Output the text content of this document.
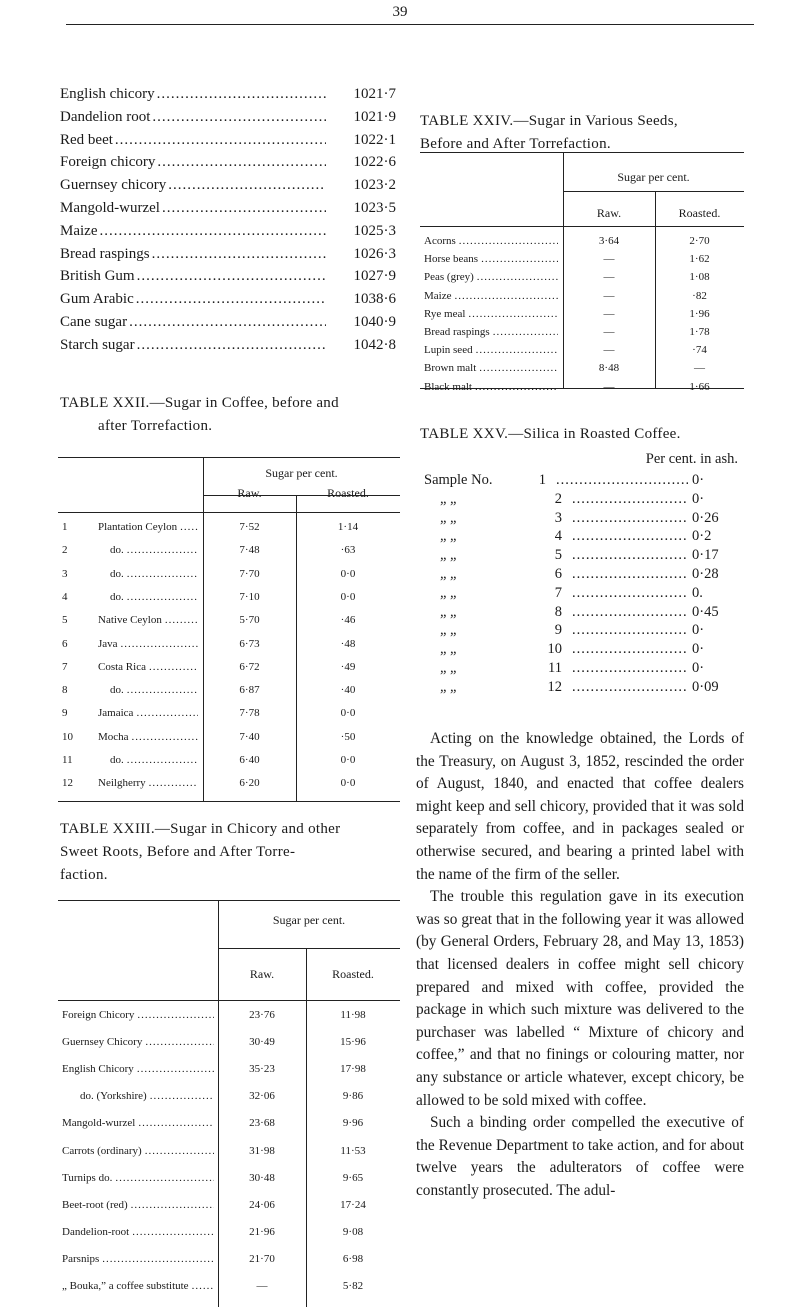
39
English chicory .....	1021·7
Dandelion root .....	1021·9
Red beet .....	1022·1
Foreign chicory .....	1022·6
Guernsey chicory .....	1023·2
Mangold-wurzel .....	1023·5
Maize .....	1025·3
Bread raspings .....	1026·3
British Gum .....	1027·9
Gum Arabic .....	1038·6
Cane sugar .....	1040·9
Starch sugar .....	1042·8
TABLE XXII.—Sugar in Coffee, before and
after Torrefaction.
Sugar per cent.
Raw.	Roasted.
1	Plantation Ceylon .....	7·52	1·14
2	do. .....	7·48	·63
3	do. .....	7·70	0·0
4	do. .....	7·10	0·0
5	Native Ceylon .....	5·70	·46
6	Java .....	6·73	·48
7	Costa Rica .....	6·72	·49
8	do. .....	6·87	·40
9	Jamaica .....	7·78	0·0
10	Mocha .....	7·40	·50
11	do. .....	6·40	0·0
12	Neilgherry .....	6·20	0·0
TABLE XXIII.—Sugar in Chicory and other
Sweet Roots, Before and After Torre-
faction.
Sugar per cent.
Raw.	Roasted.
Foreign Chicory .....	23·76	11·98
Guernsey Chicory .....	30·49	15·96
English Chicory .....	35·23	17·98
do. (Yorkshire) .....	32·06	9·86
Mangold-wurzel .....	23·68	9·96
Carrots (ordinary) .....	31·98	11·53
Turnips do. .....	30·48	9·65
Beet-root (red) .....	24·06	17·24
Dandelion-root .....	21·96	9·08
Parsnips .....	21·70	6·98
„ Bouka,” a coffee substitute .....	—	5·82
TABLE XXIV.—Sugar in Various Seeds,
Before and After Torrefaction.
Sugar per cent.
Raw.	Roasted.
Acorns .....	3·64	2·70
Horse beans .....	—	1·62
Peas (grey) .....	—	1·08
Maize .....	—	·82
Rye meal .....	—	1·96
Bread raspings .....	—	1·78
Lupin seed .....	—	·74
Brown malt .....	8·48	—
Black malt .....	—	1·66
TABLE XXV.—Silica in Roasted Coffee.
Per cent. in ash.
Sample No.	1 .....	0·
„ „	2 .....	0·
„ „	3 .....	0·26
„ „	4 .....	0·2
„ „	5 .....	0·17
„ „	6 .....	0·28
„ „	7 .....	0.
„ „	8 .....	0·45
„ „	9 .....	0·
„ „	10 .....	0·
„ „	11 .....	0·
„ „	12 .....	0·09

Acting on the knowledge obtained, the Lords of the Treasury, on August 3, 1852, rescinded the order of August, 1840, and enacted that coffee dealers might keep and sell chicory, provided that it was sold separately from coffee, and in packages sealed or otherwise secured, and bearing a printed label with the name of the firm of the seller.

The trouble this regulation gave in its execution was so great that in the following year it was allowed (by General Orders, February 28, and May 13, 1853) that licensed dealers in coffee might sell chicory prepared and mixed with coffee, provided the package in which such mixture was delivered to the purchaser was labelled “ Mixture of chicory and coffee,” and that no finings or colouring matter, nor any substance or article whatever, except chicory, be allowed to be sold mixed with coffee.

Such a binding order compelled the executive of the Revenue Department to take action, and for about twelve years the adulterators of coffee were constantly prosecuted. The adul-
